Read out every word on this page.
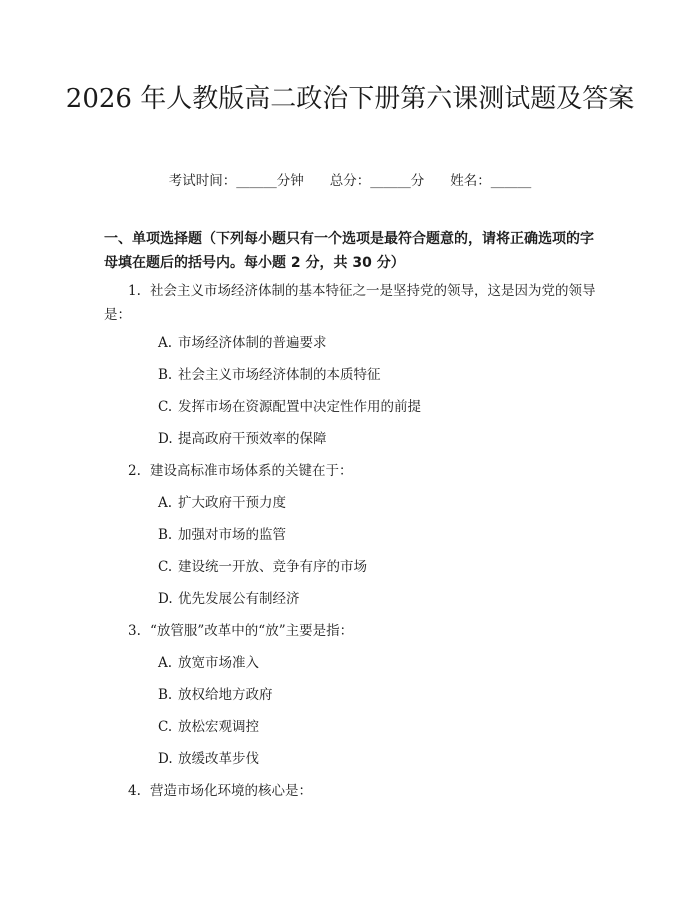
2026 年人教版高二政治下册第六课测试题及答案
考试时间：______分钟 总分：______分 姓名：______

一、单项选择题（下列每小题只有一个选项是最符合题意的，请将正确选项的字母填在题后的括号内。每小题 2 分，共 30 分）

1. 社会主义市场经济体制的基本特征之一是坚持党的领导，这是因为党的领导是：
A. 市场经济体制的普遍要求
B. 社会主义市场经济体制的本质特征
C. 发挥市场在资源配置中决定性作用的前提
D. 提高政府干预效率的保障
2. 建设高标准市场体系的关键在于：
A. 扩大政府干预力度
B. 加强对市场的监管
C. 建设统一开放、竞争有序的市场
D. 优先发展公有制经济
3. “放管服”改革中的“放”主要是指：
A. 放宽市场准入
B. 放权给地方政府
C. 放松宏观调控
D. 放缓改革步伐
4. 营造市场化环境的核心是：
